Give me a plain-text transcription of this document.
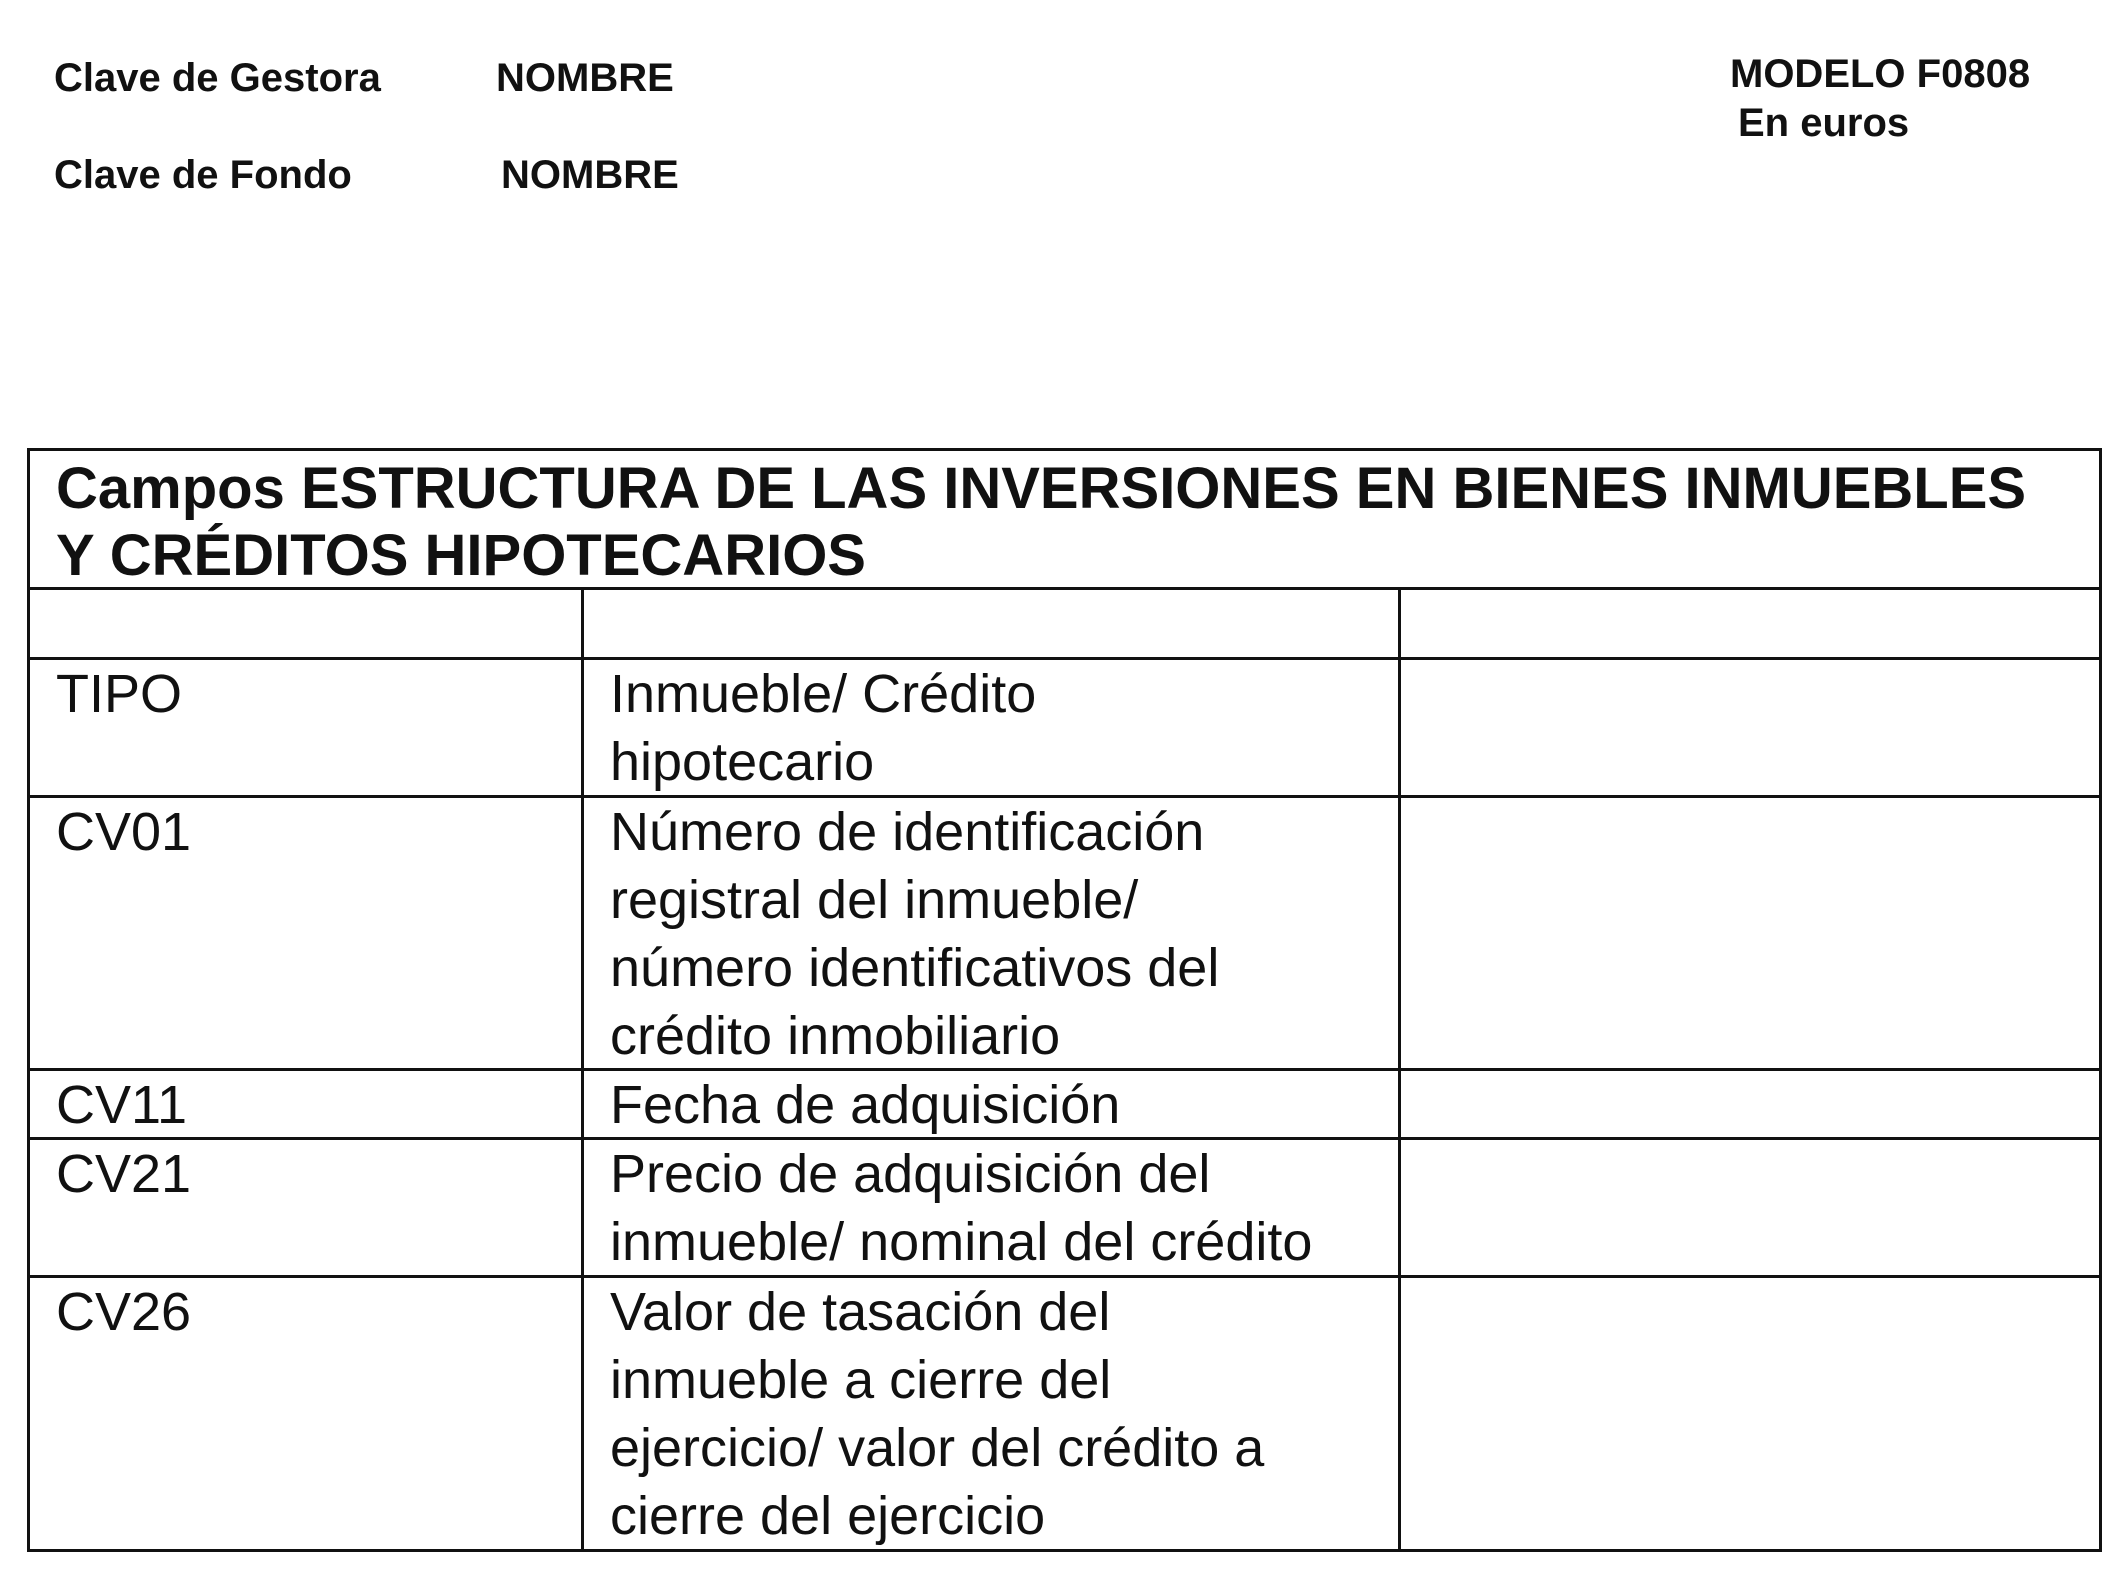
Clave de Gestora	NOMBRE	MODELO F0808
En euros
Clave de Fondo	NOMBRE
Campos ESTRUCTURA DE LAS INVERSIONES EN BIENES INMUEBLES
Y CRÉDITOS HIPOTECARIOS
TIPO	Inmueble/ Crédito
hipotecario
CV01	Número de identificación
registral del inmueble/
número identificativos del
crédito inmobiliario
CV11	Fecha de adquisición
CV21	Precio de adquisición del
inmueble/ nominal del crédito
CV26	Valor de tasación del
inmueble a cierre del
ejercicio/ valor del crédito a
cierre del ejercicio
